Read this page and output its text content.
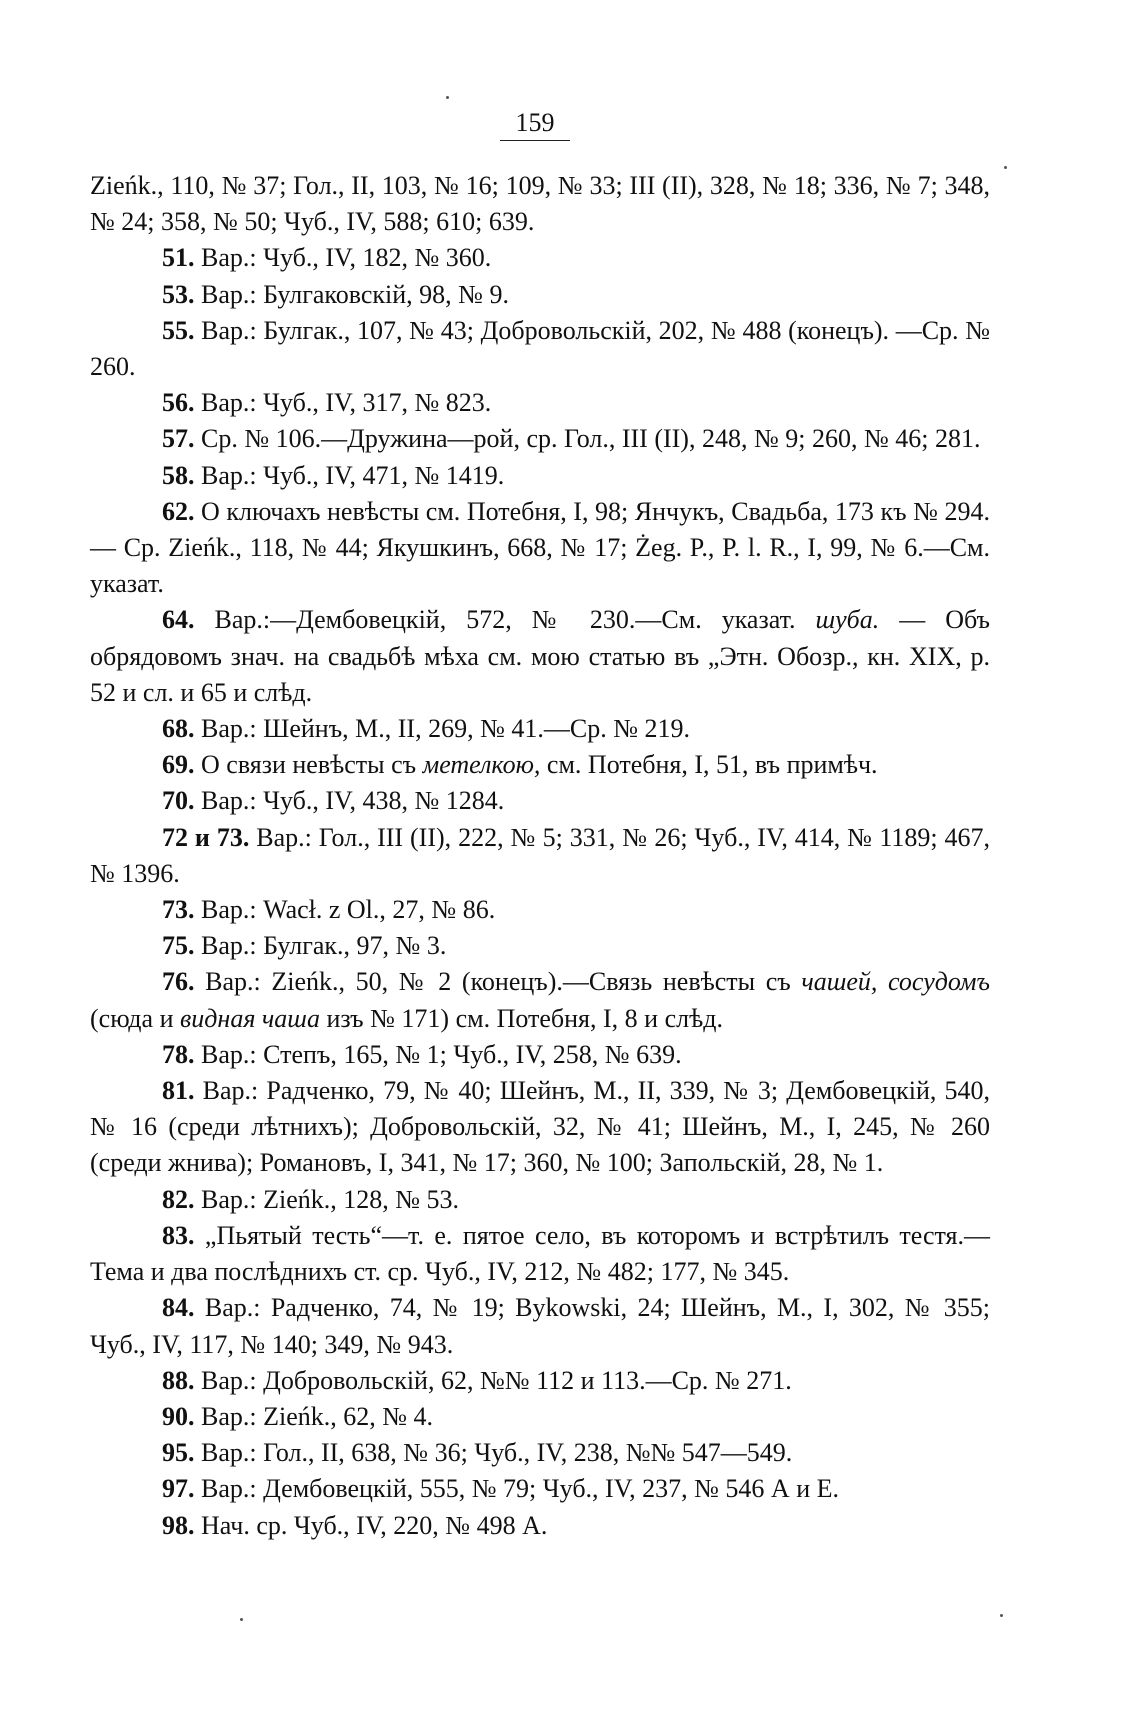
159

Zieńk., 110, № 37; Гол., II, 103, № 16; 109, № 33; III (II), 328, № 18; 336, № 7; 348, № 24; 358, № 50; Чуб., IV, 588; 610; 639.

51. Вар.: Чуб., IV, 182, № 360.

53. Вар.: Булгаковскій, 98, № 9.

55. Вар.: Булгак., 107, № 43; Добровольскій, 202, № 488 (конецъ). —Ср. № 260.

56. Вар.: Чуб., IV, 317, № 823.

57. Ср. № 106.—Дружина—рой, ср. Гол., III (II), 248, № 9; 260, № 46; 281.

58. Вар.: Чуб., IV, 471, № 1419.

62. О ключахъ невѣсты см. Потебня, I, 98; Янчукъ, Свадьба, 173 къ № 294. — Ср. Zieńk., 118, № 44; Якушкинъ, 668, № 17; Żeg. P., P. l. R., I, 99, № 6.—См. указат.

64. Вар.:—Дембовецкій, 572, № 230.—См. указат. шуба. — Объ обрядовомъ знач. на свадьбѣ мѣха см. мою статью въ „Этн. Обозр., кн. XIX, p. 52 и сл. и 65 и слѣд.

68. Вар.: Шейнъ, М., II, 269, № 41.—Ср. № 219.

69. О связи невѣсты съ метелкою, см. Потебня, I, 51, въ примѣч.

70. Вар.: Чуб., IV, 438, № 1284.

72 и 73. Вар.: Гол., III (II), 222, № 5; 331, № 26; Чуб., IV, 414, № 1189; 467, № 1396.

73. Вар.: Wacł. z Ol., 27, № 86.

75. Вар.: Булгак., 97, № 3.

76. Вар.: Zieńk., 50, № 2 (конецъ).—Связь невѣсты съ чашей, сосудомъ (сюда и видная чаша изъ № 171) см. Потебня, I, 8 и слѣд.

78. Вар.: Степъ, 165, № 1; Чуб., IV, 258, № 639.

81. Вар.: Радченко, 79, № 40; Шейнъ, М., II, 339, № 3; Дембовецкій, 540, № 16 (среди лѣтнихъ); Добровольскій, 32, № 41; Шейнъ, М., I, 245, № 260 (среди жнива); Романовъ, I, 341, № 17; 360, № 100; Запольскій, 28, № 1.

82. Вар.: Zieńk., 128, № 53.

83. „Пьятый тесть“—т. е. пятое село, въ которомъ и встрѣтилъ тестя.—Тема и два послѣднихъ ст. ср. Чуб., IV, 212, № 482; 177, № 345.

84. Вар.: Радченко, 74, № 19; Bykowski, 24; Шейнъ, М., I, 302, № 355; Чуб., IV, 117, № 140; 349, № 943.

88. Вар.: Добровольскій, 62, №№ 112 и 113.—Ср. № 271.

90. Вар.: Zieńk., 62, № 4.

95. Вар.: Гол., II, 638, № 36; Чуб., IV, 238, №№ 547—549.

97. Вар.: Дембовецкій, 555, № 79; Чуб., IV, 237, № 546 А и Е.

98. Нач. ср. Чуб., IV, 220, № 498 А.
